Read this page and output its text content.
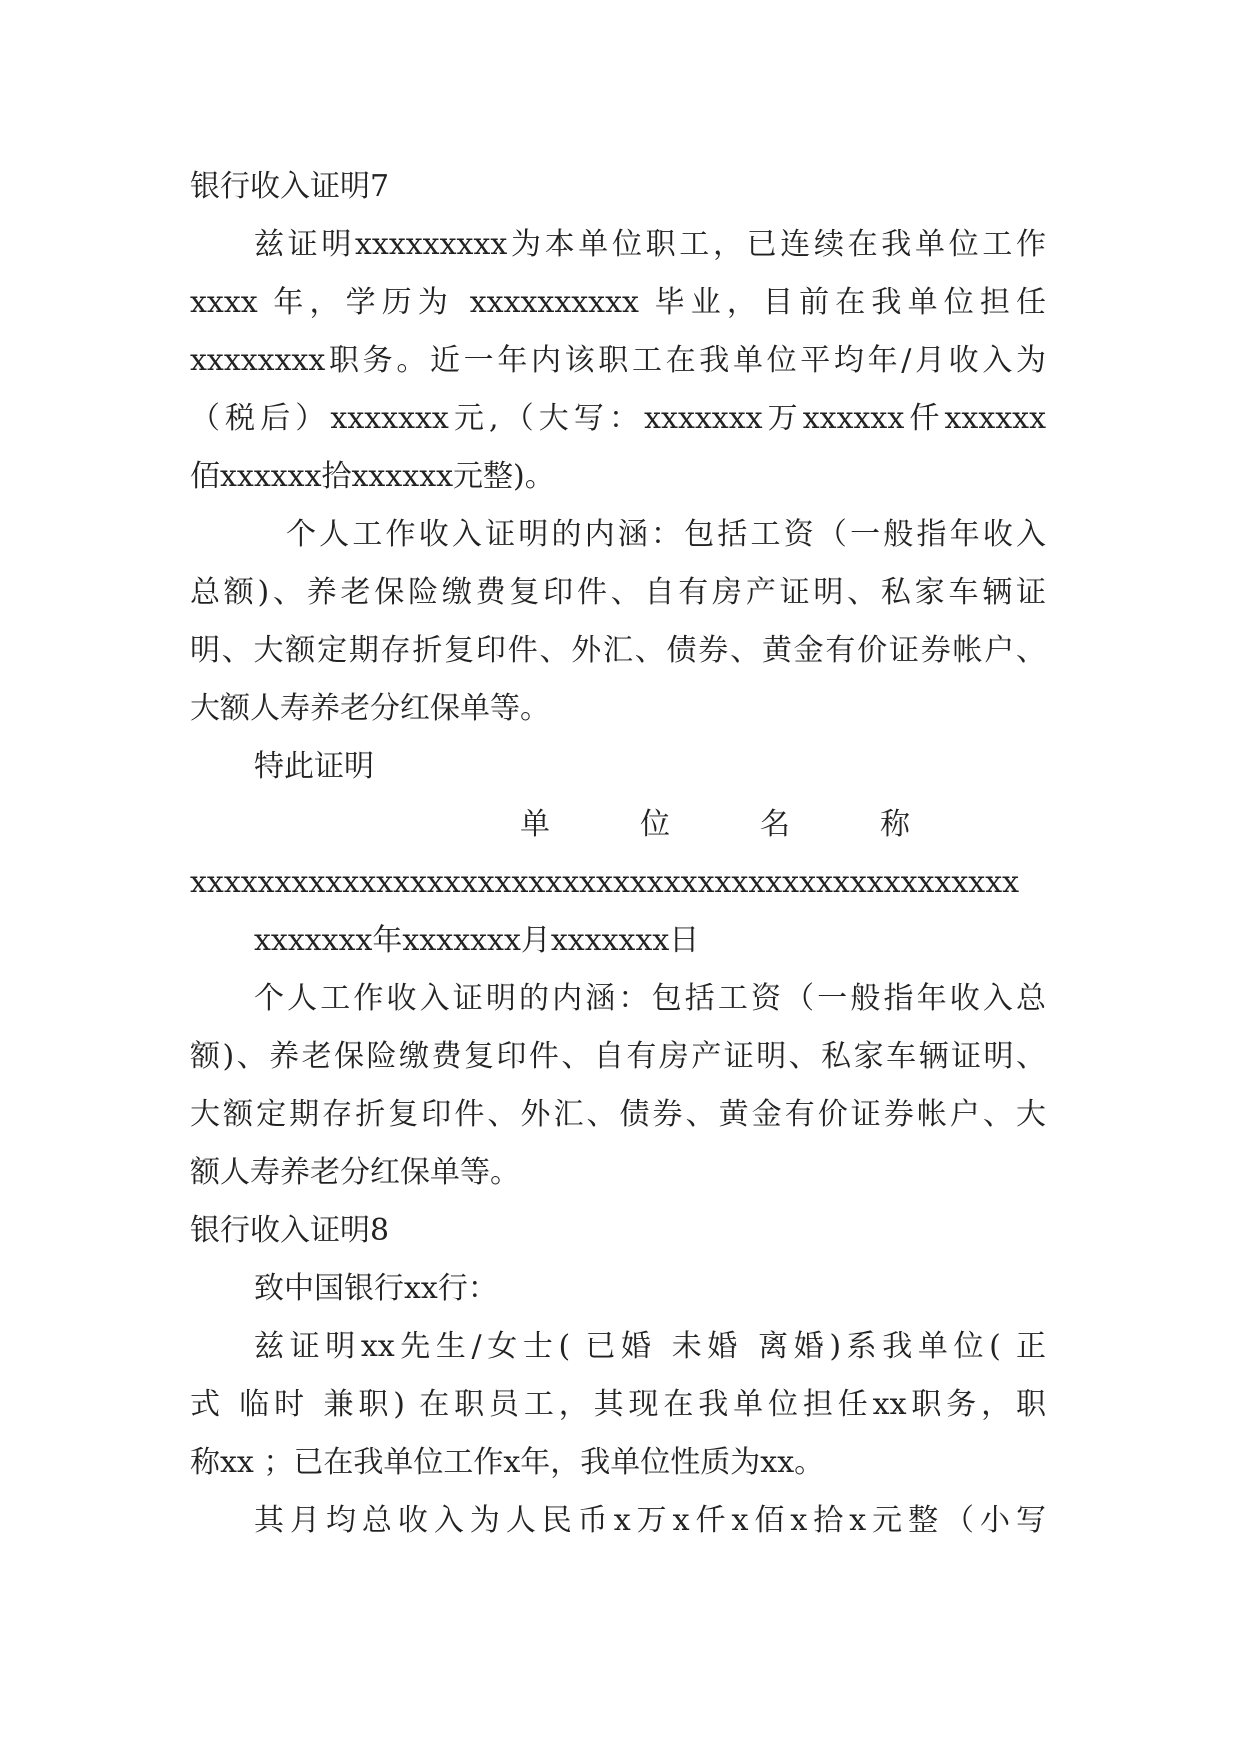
银行收入证明7
兹证明xxxxxxxxx为本单位职工，已连续在我单位工作
xxxx 年，学历为 xxxxxxxxxx 毕业，目前在我单位担任
xxxxxxxx职务。近一年内该职工在我单位平均年/月收入为
（税后）xxxxxxx元,（大写：xxxxxxx万xxxxxx仟xxxxxx
佰xxxxxx拾xxxxxx元整)。
个人工作收入证明的内涵：包括工资（一般指年收入
总额)、养老保险缴费复印件、自有房产证明、私家车辆证
明、大额定期存折复印件、外汇、债券、黄金有价证券帐户、
大额人寿养老分红保单等。
特此证明
单　　　位　　　名　　　称
xxxxxxxxxxxxxxxxxxxxxxxxxxxxxxxxxxxxxxxxxxxxxxxxx
xxxxxxx年xxxxxxx月xxxxxxx日
个人工作收入证明的内涵：包括工资（一般指年收入总
额)、养老保险缴费复印件、自有房产证明、私家车辆证明、
大额定期存折复印件、外汇、债券、黄金有价证券帐户、大
额人寿养老分红保单等。
银行收入证明8
致中国银行xx行：
兹证明xx先生/女士( 已婚 未婚 离婚)系我单位( 正
式 临时 兼职) 在职员工，其现在我单位担任xx职务，职
称xx ；已在我单位工作x年，我单位性质为xx。
其月均总收入为人民币x万x仟x佰x拾x元整（小写
